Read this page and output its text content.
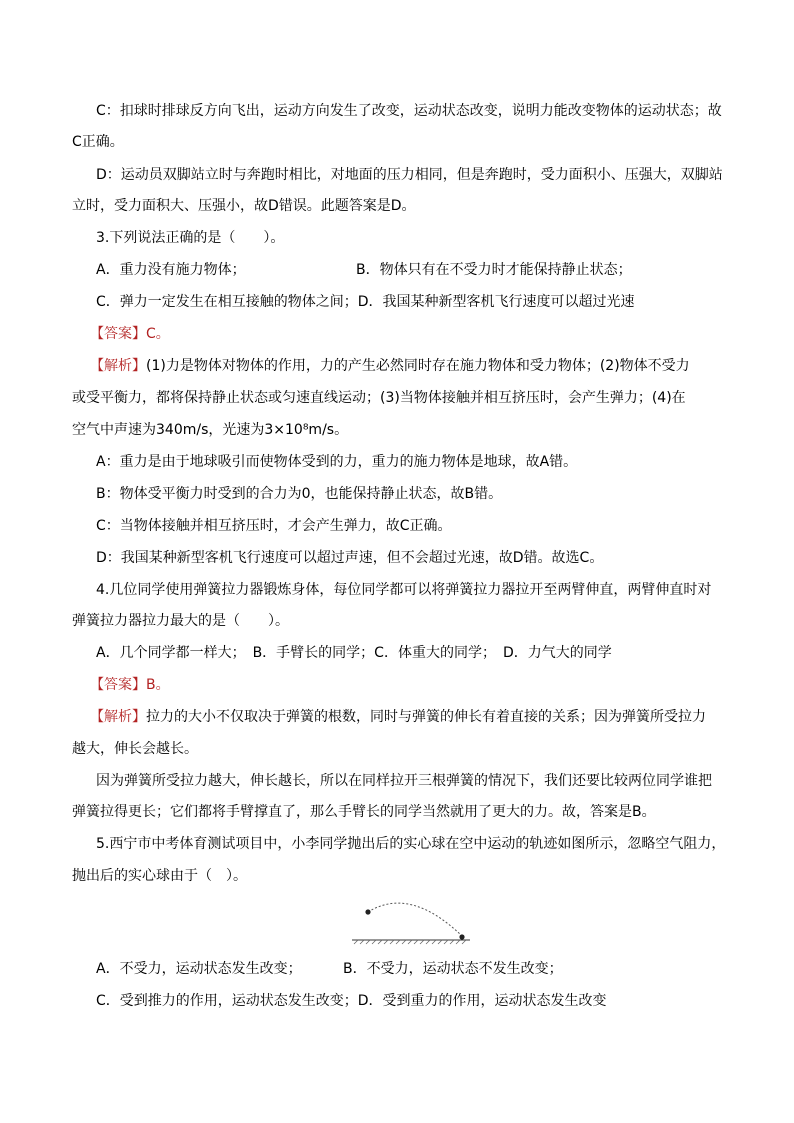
C：扣球时排球反方向飞出，运动方向发生了改变，运动状态改变，说明力能改变物体的运动状态；故
C正确。
D：运动员双脚站立时与奔跑时相比，对地面的压力相同，但是奔跑时，受力面积小、压强大，双脚站
立时，受力面积大、压强小，故D错误。此题答案是D。
3.下列说法正确的是（　　）。
A．重力没有施力物体；	B．物体只有在不受力时才能保持静止状态；
C．弹力一定发生在相互接触的物体之间；D．我国某种新型客机飞行速度可以超过光速
【答案】C。
【解析】(1)力是物体对物体的作用，力的产生必然同时存在施力物体和受力物体；(2)物体不受力
或受平衡力，都将保持静止状态或匀速直线运动；(3)当物体接触并相互挤压时，会产生弹力；(4)在
空气中声速为340m/s，光速为3×10⁸m/s。
A：重力是由于地球吸引而使物体受到的力，重力的施力物体是地球，故A错。
B：物体受平衡力时受到的合力为0，也能保持静止状态，故B错。
C：当物体接触并相互挤压时，才会产生弹力，故C正确。
D：我国某种新型客机飞行速度可以超过声速，但不会超过光速，故D错。故选C。
4.几位同学使用弹簧拉力器锻炼身体，每位同学都可以将弹簧拉力器拉开至两臂伸直，两臂伸直时对
弹簧拉力器拉力最大的是（　　）。
A．几个同学都一样大；　B．手臂长的同学；C．体重大的同学；　D．力气大的同学
【答案】B。
【解析】拉力的大小不仅取决于弹簧的根数，同时与弹簧的伸长有着直接的关系；因为弹簧所受拉力
越大，伸长会越长。
因为弹簧所受拉力越大，伸长越长，所以在同样拉开三根弹簧的情况下，我们还要比较两位同学谁把
弹簧拉得更长；它们都将手臂撑直了，那么手臂长的同学当然就用了更大的力。故，答案是B。
5.西宁市中考体育测试项目中，小李同学抛出后的实心球在空中运动的轨迹如图所示，忽略空气阻力，
抛出后的实心球由于（　）。
A．不受力，运动状态发生改变；	B．不受力，运动状态不发生改变；
C．受到推力的作用，运动状态发生改变；D．受到重力的作用，运动状态发生改变
